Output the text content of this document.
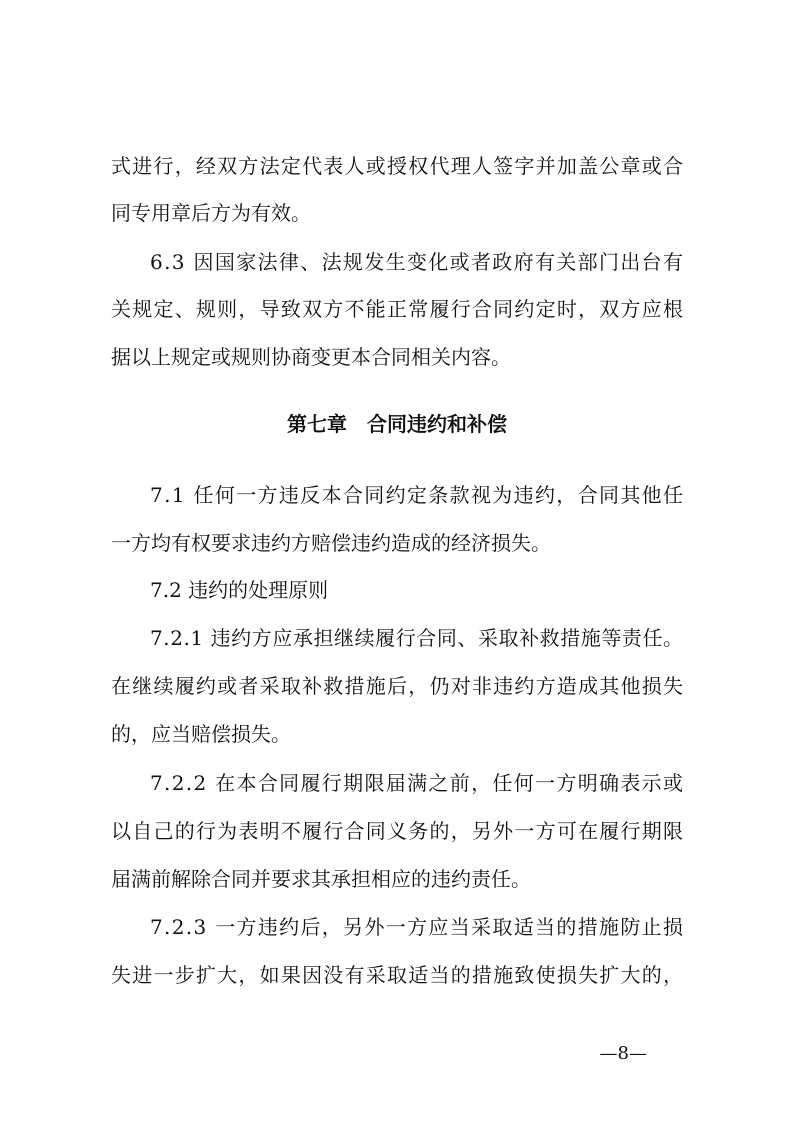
式进行，经双方法定代表人或授权代理人签字并加盖公章或合
同专用章后方为有效。
6.3 因国家法律、法规发生变化或者政府有关部门出台有
关规定、规则，导致双方不能正常履行合同约定时，双方应根
据以上规定或规则协商变更本合同相关内容。
第七章　合同违约和补偿
7.1 任何一方违反本合同约定条款视为违约，合同其他任
一方均有权要求违约方赔偿违约造成的经济损失。
7.2 违约的处理原则
7.2.1 违约方应承担继续履行合同、采取补救措施等责任。
在继续履约或者采取补救措施后，仍对非违约方造成其他损失
的，应当赔偿损失。
7.2.2 在本合同履行期限届满之前，任何一方明确表示或
以自己的行为表明不履行合同义务的，另外一方可在履行期限
届满前解除合同并要求其承担相应的违约责任。
7.2.3 一方违约后，另外一方应当采取适当的措施防止损
失进一步扩大，如果因没有采取适当的措施致使损失扩大的，
—8—
